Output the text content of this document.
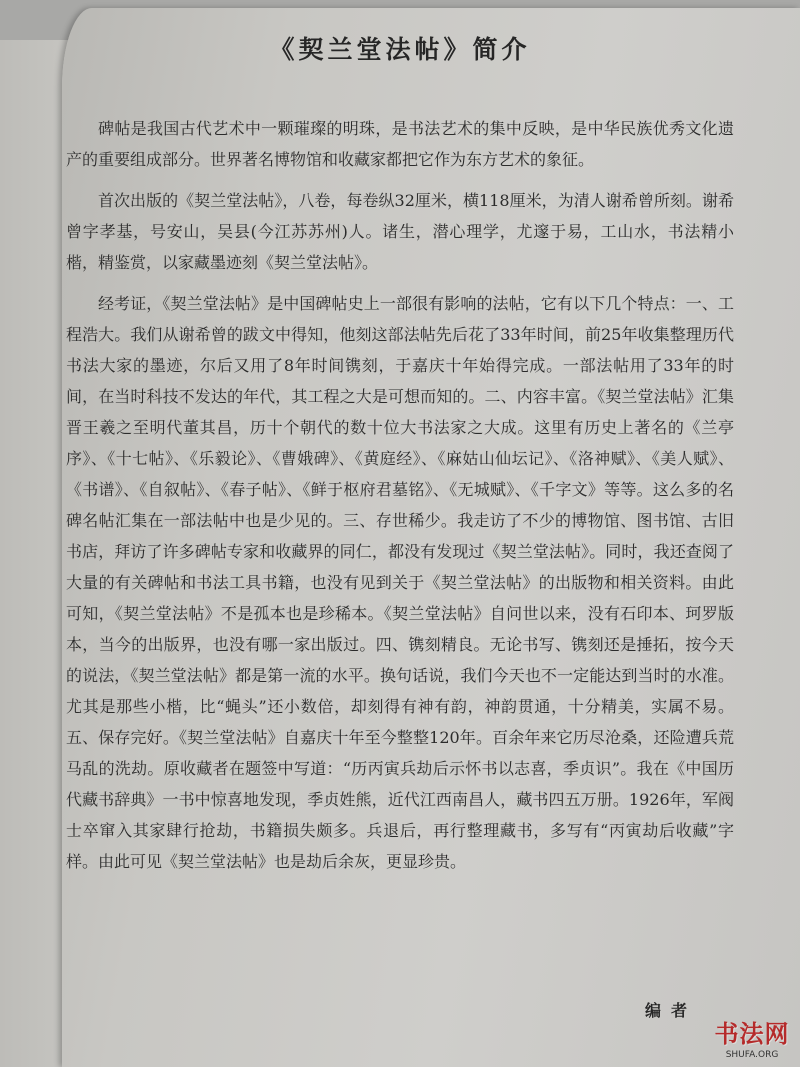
《契兰堂法帖》简介

碑帖是我国古代艺术中一颗璀璨的明珠，是书法艺术的集中反映，是中华民族优秀文化遗产的重要组成部分。世界著名博物馆和收藏家都把它作为东方艺术的象征。

首次出版的《契兰堂法帖》，八卷，每卷纵32厘米，横118厘米，为清人谢希曾所刻。谢希曾字孝基，号安山，吴县(今江苏苏州)人。诸生，潜心理学，尤邃于易，工山水，书法精小楷，精鉴赏，以家藏墨迹刻《契兰堂法帖》。

经考证，《契兰堂法帖》是中国碑帖史上一部很有影响的法帖，它有以下几个特点：一、工程浩大。我们从谢希曾的跋文中得知，他刻这部法帖先后花了33年时间，前25年收集整理历代书法大家的墨迹，尔后又用了8年时间镌刻，于嘉庆十年始得完成。一部法帖用了33年的时间，在当时科技不发达的年代，其工程之大是可想而知的。二、内容丰富。《契兰堂法帖》汇集晋王羲之至明代董其昌，历十个朝代的数十位大书法家之大成。这里有历史上著名的《兰亭序》、《十七帖》、《乐毅论》、《曹娥碑》、《黄庭经》、《麻姑山仙坛记》、《洛神赋》、《美人赋》、《书谱》、《自叙帖》、《春子帖》、《鲜于枢府君墓铭》、《无城赋》、《千字文》等等。这么多的名碑名帖汇集在一部法帖中也是少见的。三、存世稀少。我走访了不少的博物馆、图书馆、古旧书店，拜访了许多碑帖专家和收藏界的同仁，都没有发现过《契兰堂法帖》。同时，我还查阅了大量的有关碑帖和书法工具书籍，也没有见到关于《契兰堂法帖》的出版物和相关资料。由此可知，《契兰堂法帖》不是孤本也是珍稀本。《契兰堂法帖》自问世以来，没有石印本、珂罗版本，当今的出版界，也没有哪一家出版过。四、镌刻精良。无论书写、镌刻还是捶拓，按今天的说法，《契兰堂法帖》都是第一流的水平。换句话说，我们今天也不一定能达到当时的水准。尤其是那些小楷，比“蝇头”还小数倍，却刻得有神有韵，神韵贯通，十分精美，实属不易。五、保存完好。《契兰堂法帖》自嘉庆十年至今整整120年。百余年来它历尽沧桑，还险遭兵荒马乱的洗劫。原收藏者在题签中写道：“历丙寅兵劫后示怀书以志喜，季贞识”。我在《中国历代藏书辞典》一书中惊喜地发现，季贞姓熊，近代江西南昌人，藏书四五万册。1926年，军阀士卒窜入其家肆行抢劫，书籍损失颇多。兵退后，再行整理藏书，多写有“丙寅劫后收藏”字样。由此可见《契兰堂法帖》也是劫后余灰，更显珍贵。

编者

书法网
SHUFA.ORG
